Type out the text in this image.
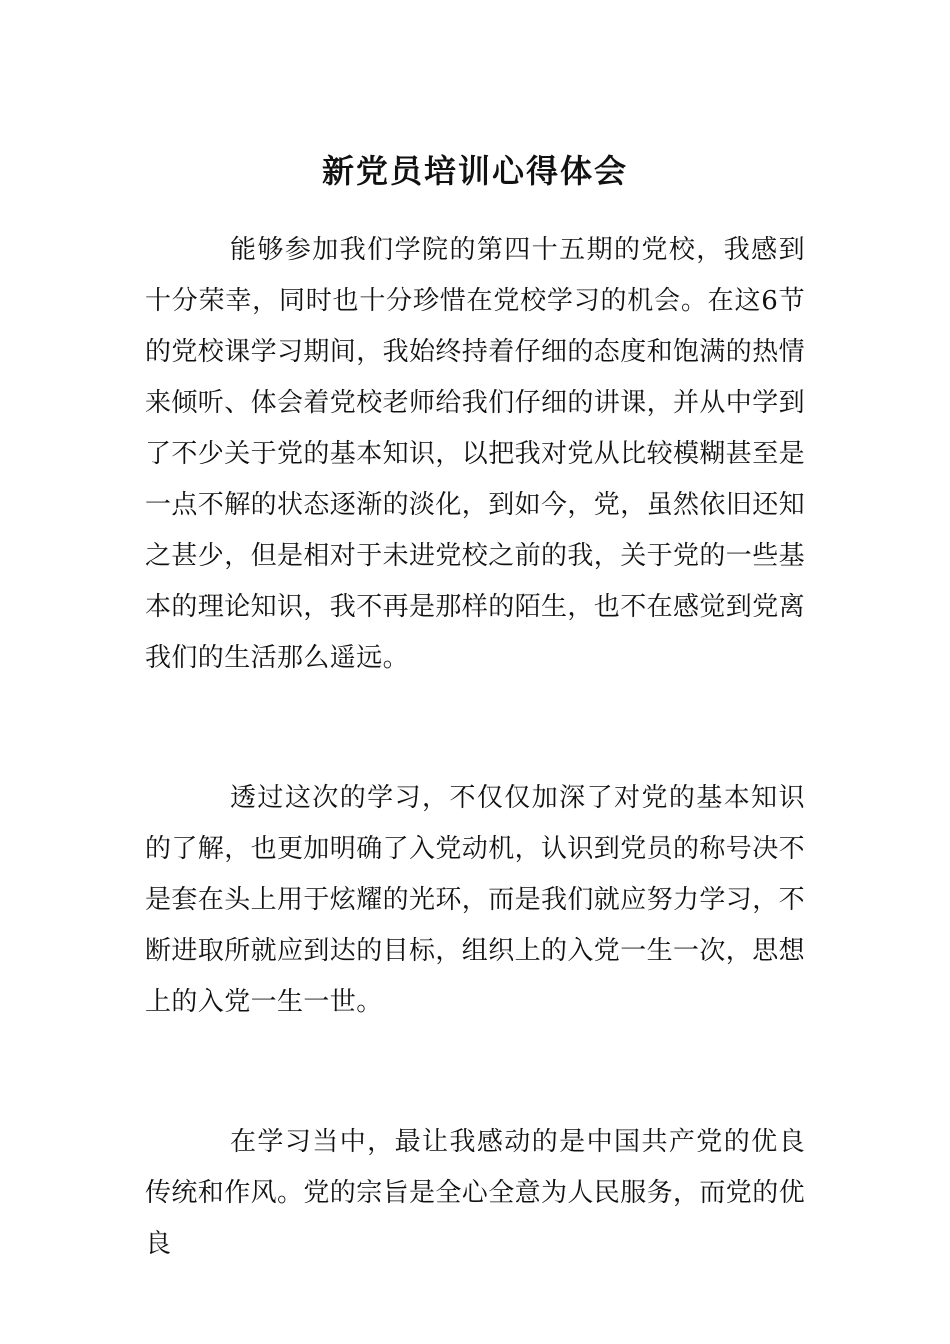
新党员培训心得体会

能够参加我们学院的第四十五期的党校，我感到十分荣幸，同时也十分珍惜在党校学习的机会。在这6节的党校课学习期间，我始终持着仔细的态度和饱满的热情来倾听、体会着党校老师给我们仔细的讲课，并从中学到了不少关于党的基本知识，以把我对党从比较模糊甚至是一点不解的状态逐渐的淡化，到如今，党，虽然依旧还知之甚少，但是相对于未进党校之前的我，关于党的一些基本的理论知识，我不再是那样的陌生，也不在感觉到党离我们的生活那么遥远。

透过这次的学习，不仅仅加深了对党的基本知识的了解，也更加明确了入党动机，认识到党员的称号决不是套在头上用于炫耀的光环，而是我们就应努力学习，不断进取所就应到达的目标，组织上的入党一生一次，思想上的入党一生一世。

在学习当中，最让我感动的是中国共产党的优良传统和作风。党的宗旨是全心全意为人民服务，而党的优良
